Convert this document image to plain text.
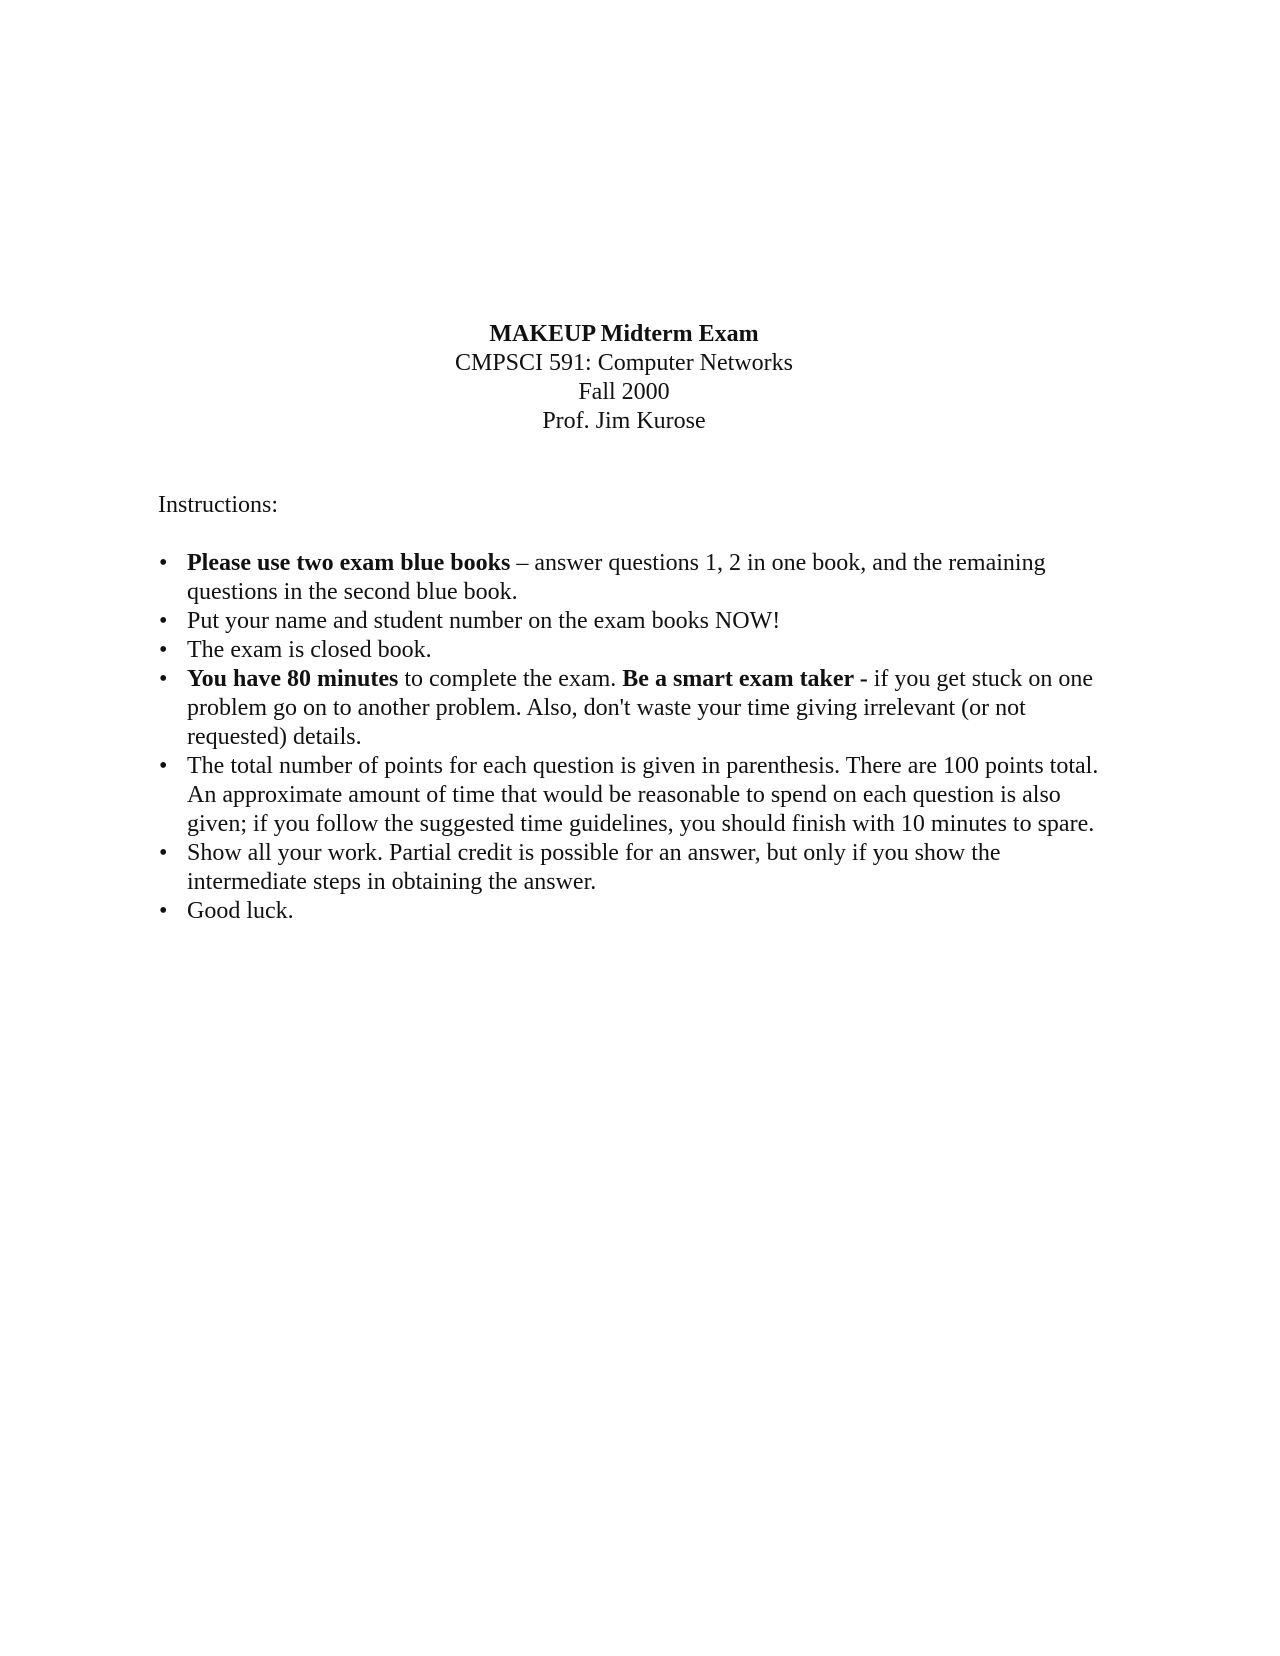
MAKEUP Midterm Exam
CMPSCI 591: Computer Networks
Fall 2000
Prof. Jim Kurose
Instructions:
• Please use two exam blue books – answer questions 1, 2 in one book, and the remaining questions in the second blue book.
• Put your name and student number on the exam books NOW!
• The exam is closed book.
• You have 80 minutes to complete the exam. Be a smart exam taker - if you get stuck on one problem go on to another problem. Also, don't waste your time giving irrelevant (or not requested) details.
• The total number of points for each question is given in parenthesis. There are 100 points total. An approximate amount of time that would be reasonable to spend on each question is also given; if you follow the suggested time guidelines, you should finish with 10 minutes to spare.
• Show all your work. Partial credit is possible for an answer, but only if you show the intermediate steps in obtaining the answer.
• Good luck.
